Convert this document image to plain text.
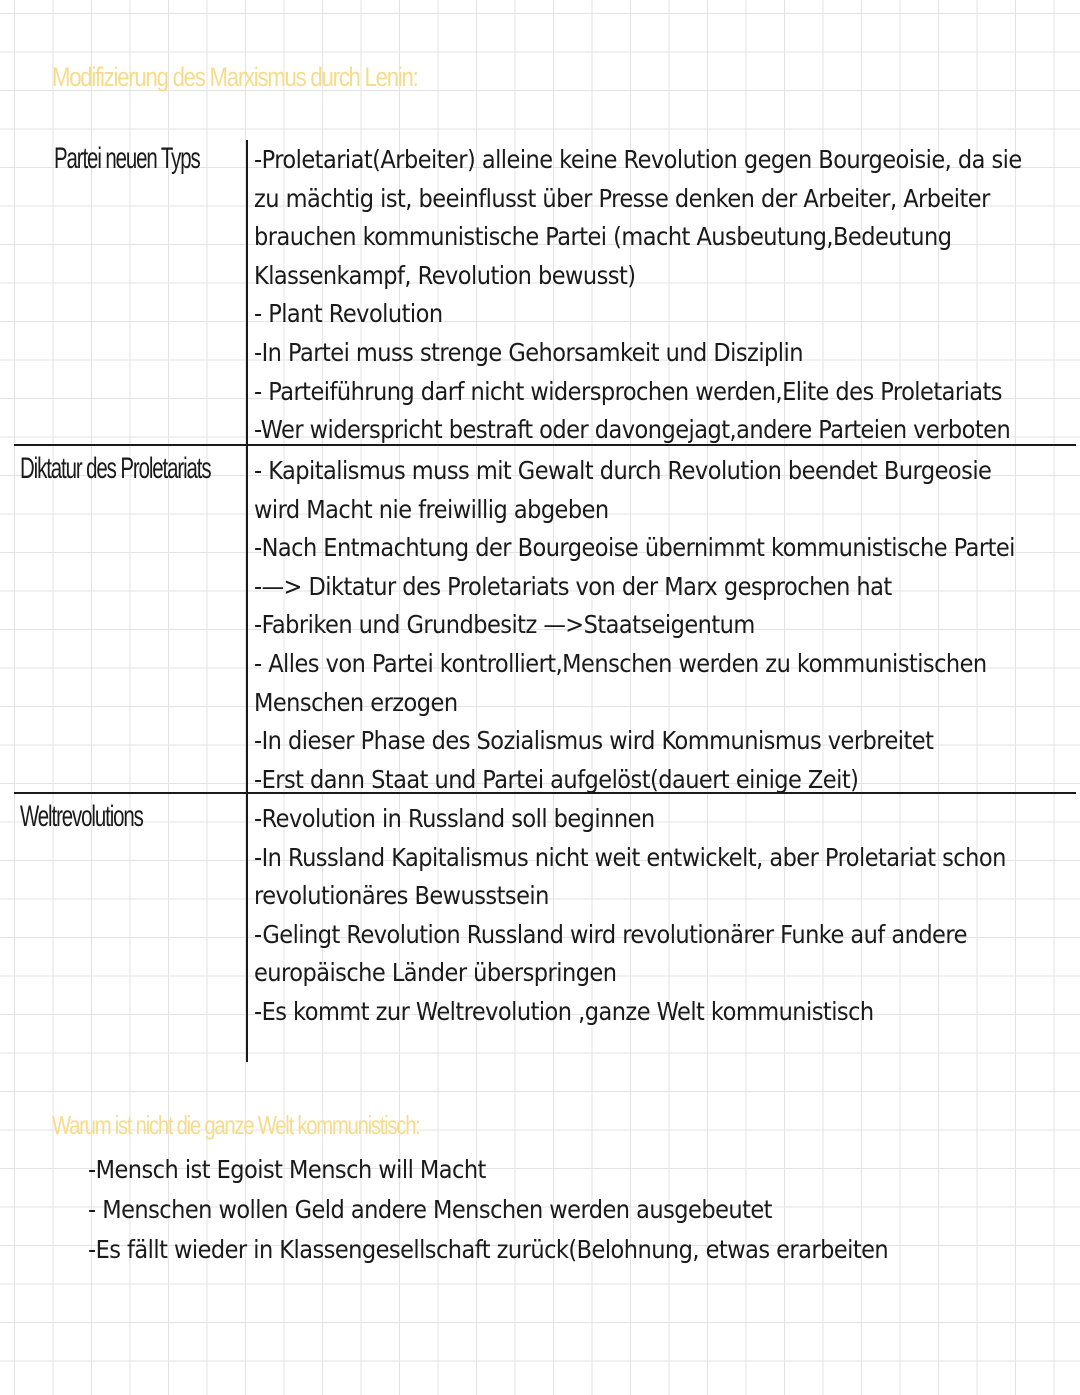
Modifizierung des Marxismus durch Lenin:
Partei neuen Typs
Diktatur des Proletariats
Weltrevolutions
-Proletariat(Arbeiter) alleine keine Revolution gegen Bourgeoisie, da sie
zu mächtig ist, beeinflusst über Presse denken der Arbeiter, Arbeiter
brauchen kommunistische Partei (macht Ausbeutung,Bedeutung
Klassenkampf, Revolution bewusst)
- Plant Revolution
-In Partei muss strenge Gehorsamkeit und Disziplin
- Parteiführung darf nicht widersprochen werden,Elite des Proletariats
-Wer widerspricht bestraft oder davongejagt,andere Parteien verboten
- Kapitalismus muss mit Gewalt durch Revolution beendet Burgeosie
wird Macht nie freiwillig abgeben
-Nach Entmachtung der Bourgeoise übernimmt kommunistische Partei
-—> Diktatur des Proletariats von der Marx gesprochen hat
-Fabriken und Grundbesitz —>Staatseigentum
- Alles von Partei kontrolliert,Menschen werden zu kommunistischen
Menschen erzogen
-In dieser Phase des Sozialismus wird Kommunismus verbreitet
-Erst dann Staat und Partei aufgelöst(dauert einige Zeit)
-Revolution in Russland soll beginnen
-In Russland Kapitalismus nicht weit entwickelt, aber Proletariat schon
revolutionäres Bewusstsein
-Gelingt Revolution Russland wird revolutionärer Funke auf andere
europäische Länder überspringen
-Es kommt zur Weltrevolution ,ganze Welt kommunistisch
Warum ist nicht die ganze Welt kommunistisch:
-Mensch ist Egoist Mensch will Macht
- Menschen wollen Geld andere Menschen werden ausgebeutet
-Es fällt wieder in Klassengesellschaft zurück(Belohnung, etwas erarbeiten
